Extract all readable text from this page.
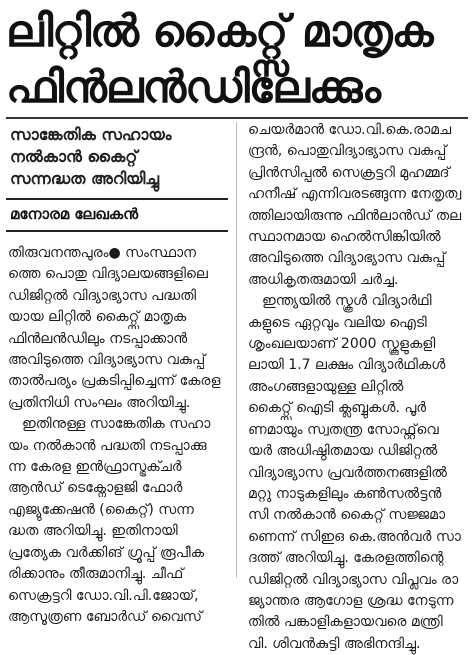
ലിറ്റിൽ കൈറ്റ്സ് മാതൃക
ഫിൻലൻഡിലേക്കും
സാങ്കേതിക സഹായം
നൽകാൻ കൈറ്റ്
സന്നദ്ധത അറിയിച്ചു
മനോരമ ലേഖകൻ

തിരുവനന്തപുരം● സംസ്ഥാന
ത്തെ പൊതു വിദ്യാലയങ്ങളിലെ
ഡിജിറ്റൽ വിദ്യാഭ്യാസ പദ്ധതി
യായ ലിറ്റിൽ കൈറ്റ്സ് മാതൃക
ഫിൻലൻഡിലും നടപ്പാക്കാൻ
അവിടുത്തെ വിദ്യാഭ്യാസ വകുപ്പ്
താൽപര്യം പ്രകടിപ്പിച്ചെന്ന് കേരള
പ്രതിനിധി സംഘം അറിയിച്ചു.

ഇതിനുള്ള സാങ്കേതിക സഹാ
യം നൽകാൻ പദ്ധതി നടപ്പാക്കു
ന്ന കേരള ഇൻഫ്രാസ്ട്രക്ചർ
ആൻഡ് ടെക്നോളജി ഫോർ
എജ്യുക്കേഷൻ (കൈറ്റ്) സന്ന
ദ്ധത അറിയിച്ചു. ഇതിനായി
പ്രത്യേക വർക്കിങ് ഗ്രൂപ്പ് രൂപീക
രിക്കാനും തീരുമാനിച്ചു. ചീഫ്
സെക്രട്ടറി ഡോ.വി.പി.ജോയ്,
ആസൂത്രണ ബോർഡ് വൈസ്

ചെയർമാൻ ഡോ.വി.കെ.രാമച
ന്ദ്രൻ, പൊതുവിദ്യാഭ്യാസ വകുപ്പ്
പ്രിൻസിപ്പൽ സെക്രട്ടറി മുഹമ്മദ്
ഹനീഷ് എന്നിവരടങ്ങുന്ന നേതൃത്വ
ത്തിലായിരുന്നു ഫിൻലാൻഡ് തല
സ്ഥാനമായ ഹെൽസിങ്കിയിൽ
അവിടുത്തെ വിദ്യാഭ്യാസ വകുപ്പ്
അധികൃതരുമായി ചർച്ച.

ഇന്ത്യയിൽ സ്കൂൾ വിദ്യാർഥി
കളുടെ ഏറ്റവും വലിയ ഐടി
ശൃംഖലയാണ് 2000 സ്കൂളുകളി
ലായി 1.7 ലക്ഷം വിദ്യാർഥികൾ
അംഗങ്ങളായുള്ള ലിറ്റിൽ
കൈറ്റ്സ് ഐടി ക്ലബ്ബുകൾ. പൂർ
ണമായും സ്വതന്ത്ര സോഫ്റ്റ്‌വെ
യർ അധിഷ്ഠിതമായ ഡിജിറ്റൽ
വിദ്യാഭ്യാസ പ്രവർത്തനങ്ങളിൽ
മറ്റു നാടുകളിലും കൺസൽട്ടൻ
സി നൽകാൻ കൈറ്റ് സജ്ജമാ
ണെന്ന് സിഇഒ കെ.അൻവർ സാ
ദത്ത് അറിയിച്ചു. കേരളത്തിന്റെ
ഡിജിറ്റൽ വിദ്യാഭ്യാസ വിപ്ലവം രാ
ജ്യാന്തര ആഗോള ശ്രദ്ധ നേടുന്ന
തിൽ പങ്കാളികളായവരെ മന്ത്രി
വി. ശിവൻകുട്ടി അഭിനന്ദിച്ചു.
